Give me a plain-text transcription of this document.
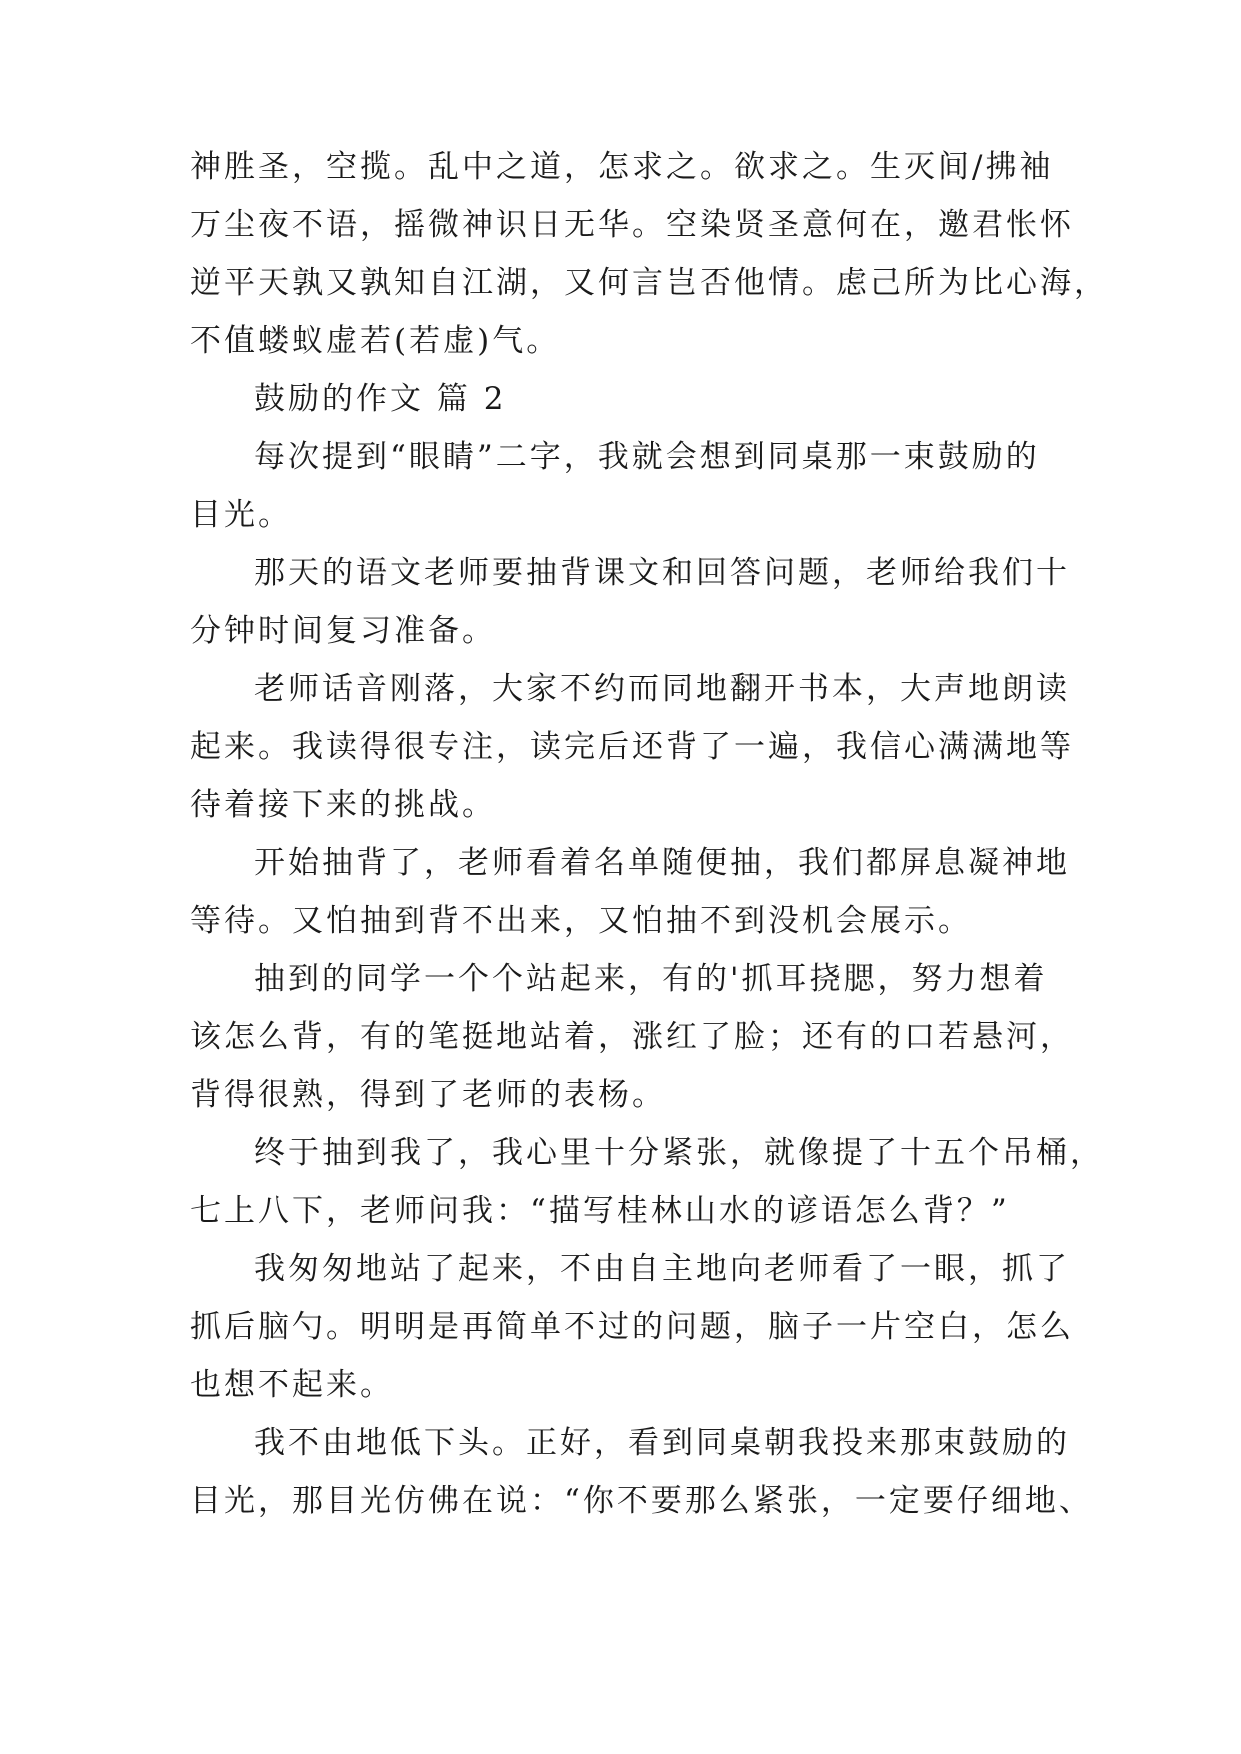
神胜圣，空揽。乱中之道，怎求之。欲求之。生灭间/拂袖

万尘夜不语，摇微神识日无华。空染贤圣意何在，邀君怅怀

逆平天孰又孰知自江湖，又何言岂否他情。虑己所为比心海，

不值蝼蚁虚若(若虚)气。

鼓励的作文 篇 2

每次提到“眼睛”二字，我就会想到同桌那一束鼓励的

目光。

那天的语文老师要抽背课文和回答问题，老师给我们十

分钟时间复习准备。

老师话音刚落，大家不约而同地翻开书本，大声地朗读

起来。我读得很专注，读完后还背了一遍，我信心满满地等

待着接下来的挑战。

开始抽背了，老师看着名单随便抽，我们都屏息凝神地

等待。又怕抽到背不出来，又怕抽不到没机会展示。

抽到的同学一个个站起来，有的'抓耳挠腮，努力想着

该怎么背，有的笔挺地站着，涨红了脸；还有的口若悬河，

背得很熟，得到了老师的表杨。

终于抽到我了，我心里十分紧张，就像提了十五个吊桶，

七上八下，老师问我：“描写桂林山水的谚语怎么背？”

我匆匆地站了起来，不由自主地向老师看了一眼，抓了

抓后脑勺。明明是再简单不过的问题，脑子一片空白，怎么

也想不起来。

我不由地低下头。正好，看到同桌朝我投来那束鼓励的

目光，那目光仿佛在说：“你不要那么紧张，一定要仔细地、
